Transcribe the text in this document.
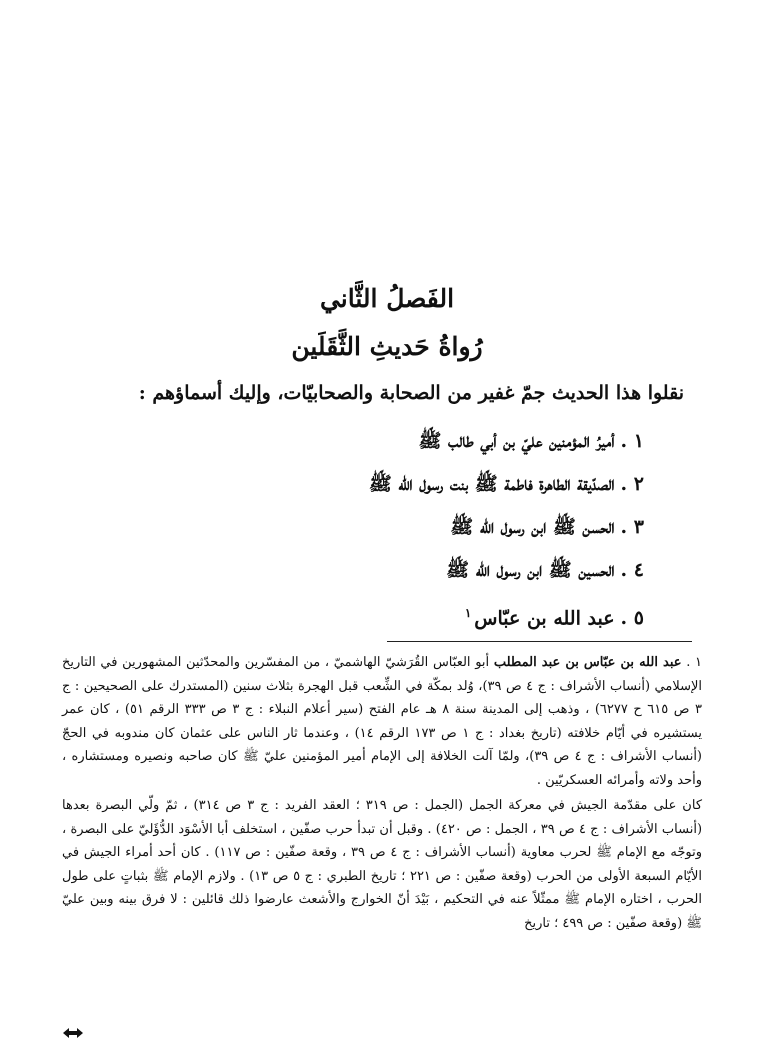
الفَصلُ الثَّاني
رُواةُ حَديثِ الثَّقَلَين

نقلوا هذا الحديث جمّ غفير من الصحابة والصحابيّات، وإليك أسماؤهم :

١ .أميرُ المؤمنين عليّ بن أبي طالب ﷺ
٢ .الصدّيقة الطاهرة فاطمة ﷺ بنت رسول الله ﷺ
٣ .الحسن ﷺ ابن رسول الله ﷺ
٤ .الحسين ﷺ ابن رسول الله ﷺ
٥ .عبد الله بن عبّاس$^١$

١ . عبد الله بن عبّاس بن عبد المطلب أبو العبّاس القُرَشيّ الهاشميّ ، من المفسّرين والمحدّثين المشهورين في التاريخ الإسلامي (أنساب الأشراف : ج ٤ ص ٣٩)، وُلد بمكّة في الشِّعب قبل الهجرة بثلاث سنين (المستدرك على الصحيحين : ج ٣ ص ٦١٥ ح ٦٢٧٧) ، وذهب إلى المدينة سنة ٨ هـ عام الفتح (سير أعلام النبلاء : ج ٣ ص ٣٣٣ الرقم ٥١) ، كان عمر يستشيره في أيّام خلافته (تاريخ بغداد : ج ١ ص ١٧٣ الرقم ١٤) ، وعندما ثار الناس على عثمان كان مندوبه في الحجّ (أنساب الأشراف : ج ٤ ص ٣٩)، ولمّا آلت الخلافة إلى الإمام أمير المؤمنين عليّ ﷺ كان صاحبه ونصيره ومستشاره ، وأحد ولاته وأمرائه العسكريّين .

كان على مقدّمة الجيش في معركة الجمل (الجمل : ص ٣١٩ ؛ العقد الفريد : ج ٣ ص ٣١٤) ، ثمّ ولّي البصرة بعدها (أنساب الأشراف : ج ٤ ص ٣٩ ، الجمل : ص ٤٢٠) . وقبل أن تبدأ حرب صفّين ، استخلف أبا الأسْوَد الدُّؤَليّ على البصرة ، وتوجّه مع الإمام ﷺ لحرب معاوية (أنساب الأشراف : ج ٤ ص ٣٩ ، وقعة صفّين : ص ١١٧) . كان أحد أمراء الجيش في الأيّام السبعة الأولى من الحرب (وقعة صفّين : ص ٢٢١ ؛ تاريخ الطبري : ج ٥ ص ١٣) . ولازم الإمام ﷺ بثباتٍ على طول الحرب ، اختاره الإمام ﷺ ممثّلاً عنه في التحكيم ، بَيْدَ أنّ الخوارج والأشعث عارضوا ذلك قائلين : لا فرق بينه وبين عليّ ﷺ (وقعة صفّين : ص ٤٩٩ ؛ تاريخ
